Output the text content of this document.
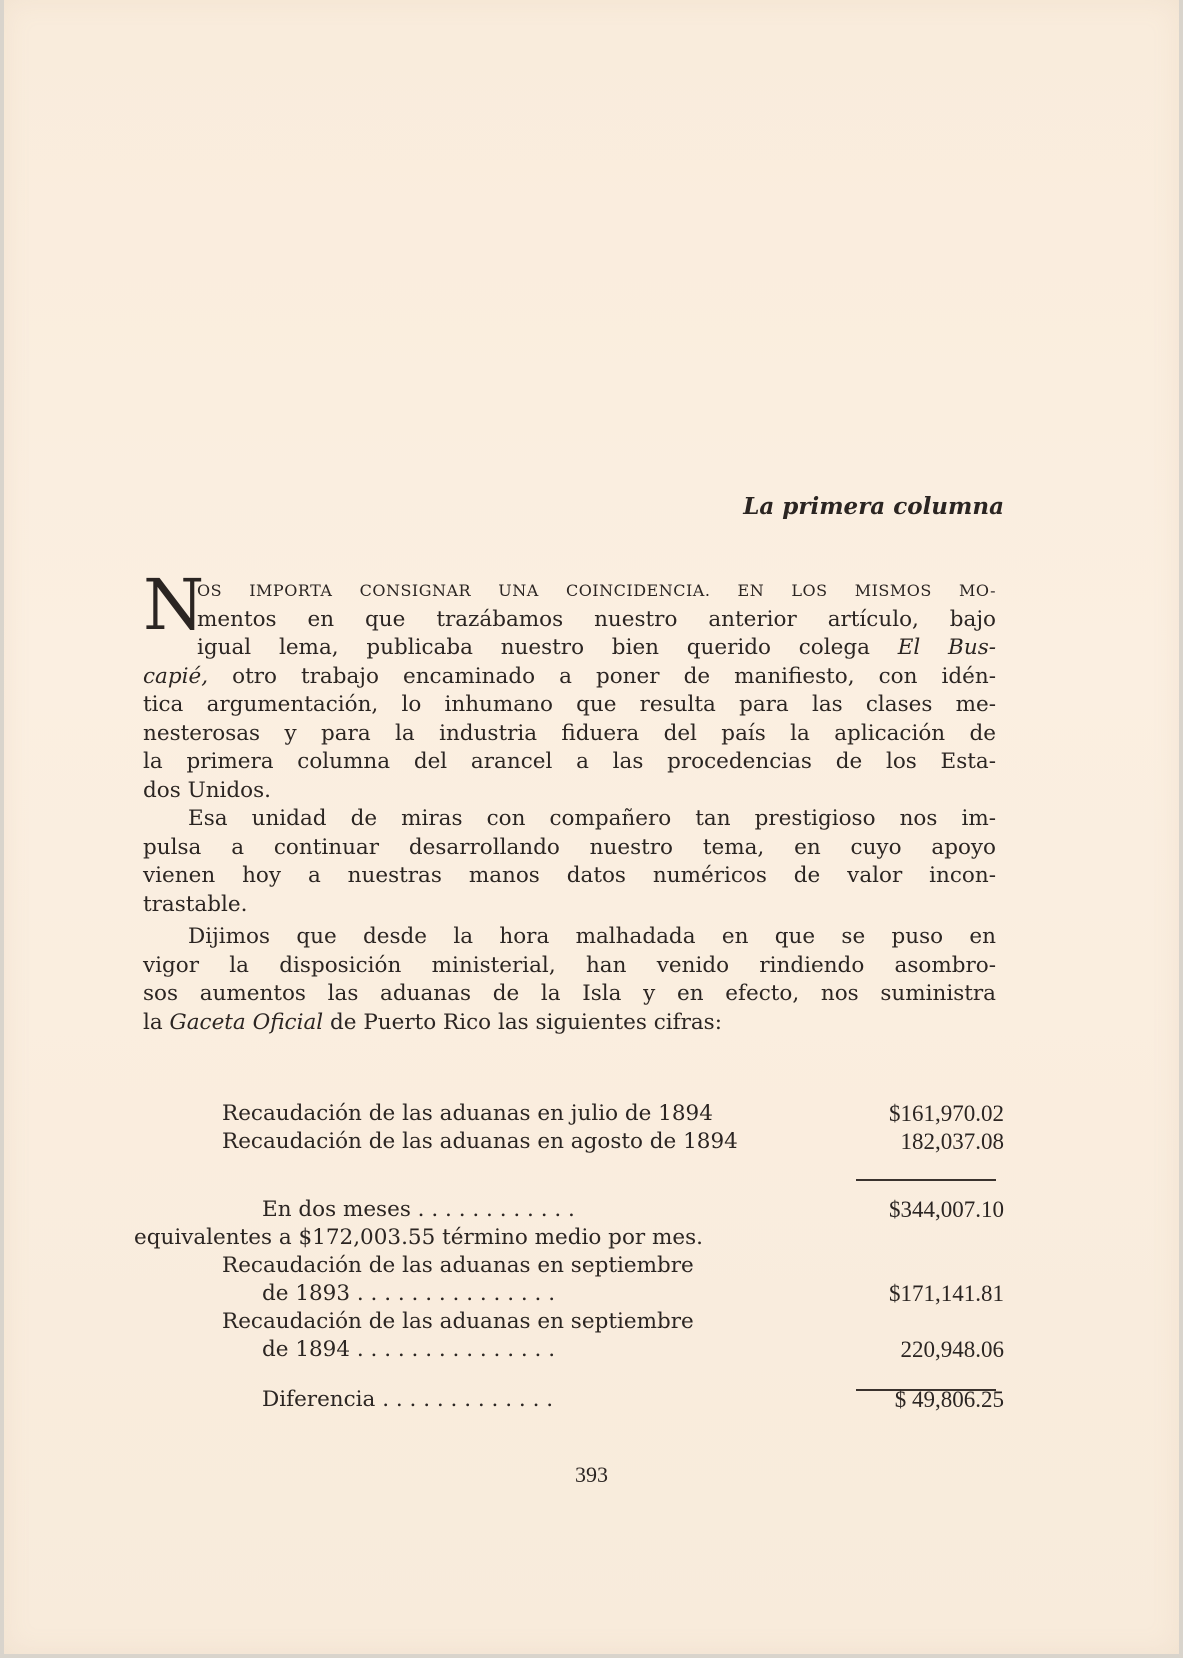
La primera columna
N
OS IMPORTA CONSIGNAR UNA COINCIDENCIA. EN LOS MISMOS MO-
mentos en que trazábamos nuestro anterior artículo, bajo
igual lema, publicaba nuestro bien querido colega El Bus-
capié, otro trabajo encaminado a poner de manifiesto, con idén-
tica argumentación, lo inhumano que resulta para las clases me-
nesterosas y para la industria fiduera del país la aplicación de
la primera columna del arancel a las procedencias de los Esta-
dos Unidos.
Esa unidad de miras con compañero tan prestigioso nos im-
pulsa a continuar desarrollando nuestro tema, en cuyo apoyo
vienen hoy a nuestras manos datos numéricos de valor incon-
trastable.
Dijimos que desde la hora malhadada en que se puso en
vigor la disposición ministerial, han venido rindiendo asombro-
sos aumentos las aduanas de la Isla y en efecto, nos suministra
la Gaceta Oficial de Puerto Rico las siguientes cifras:
Recaudación de las aduanas en julio de 1894	$161,970.02
Recaudación de las aduanas en agosto de 1894	182,037.08
En dos meses . . . . . . . . . . . .	$344,007.10
equivalentes a $172,003.55 término medio por mes.
Recaudación de las aduanas en septiembre
de 1893 . . . . . . . . . . . . . . .	$171,141.81
Recaudación de las aduanas en septiembre
de 1894 . . . . . . . . . . . . . . .	220,948.06
Diferencia . . . . . . . . . . . . .	$ 49,806.25
393
